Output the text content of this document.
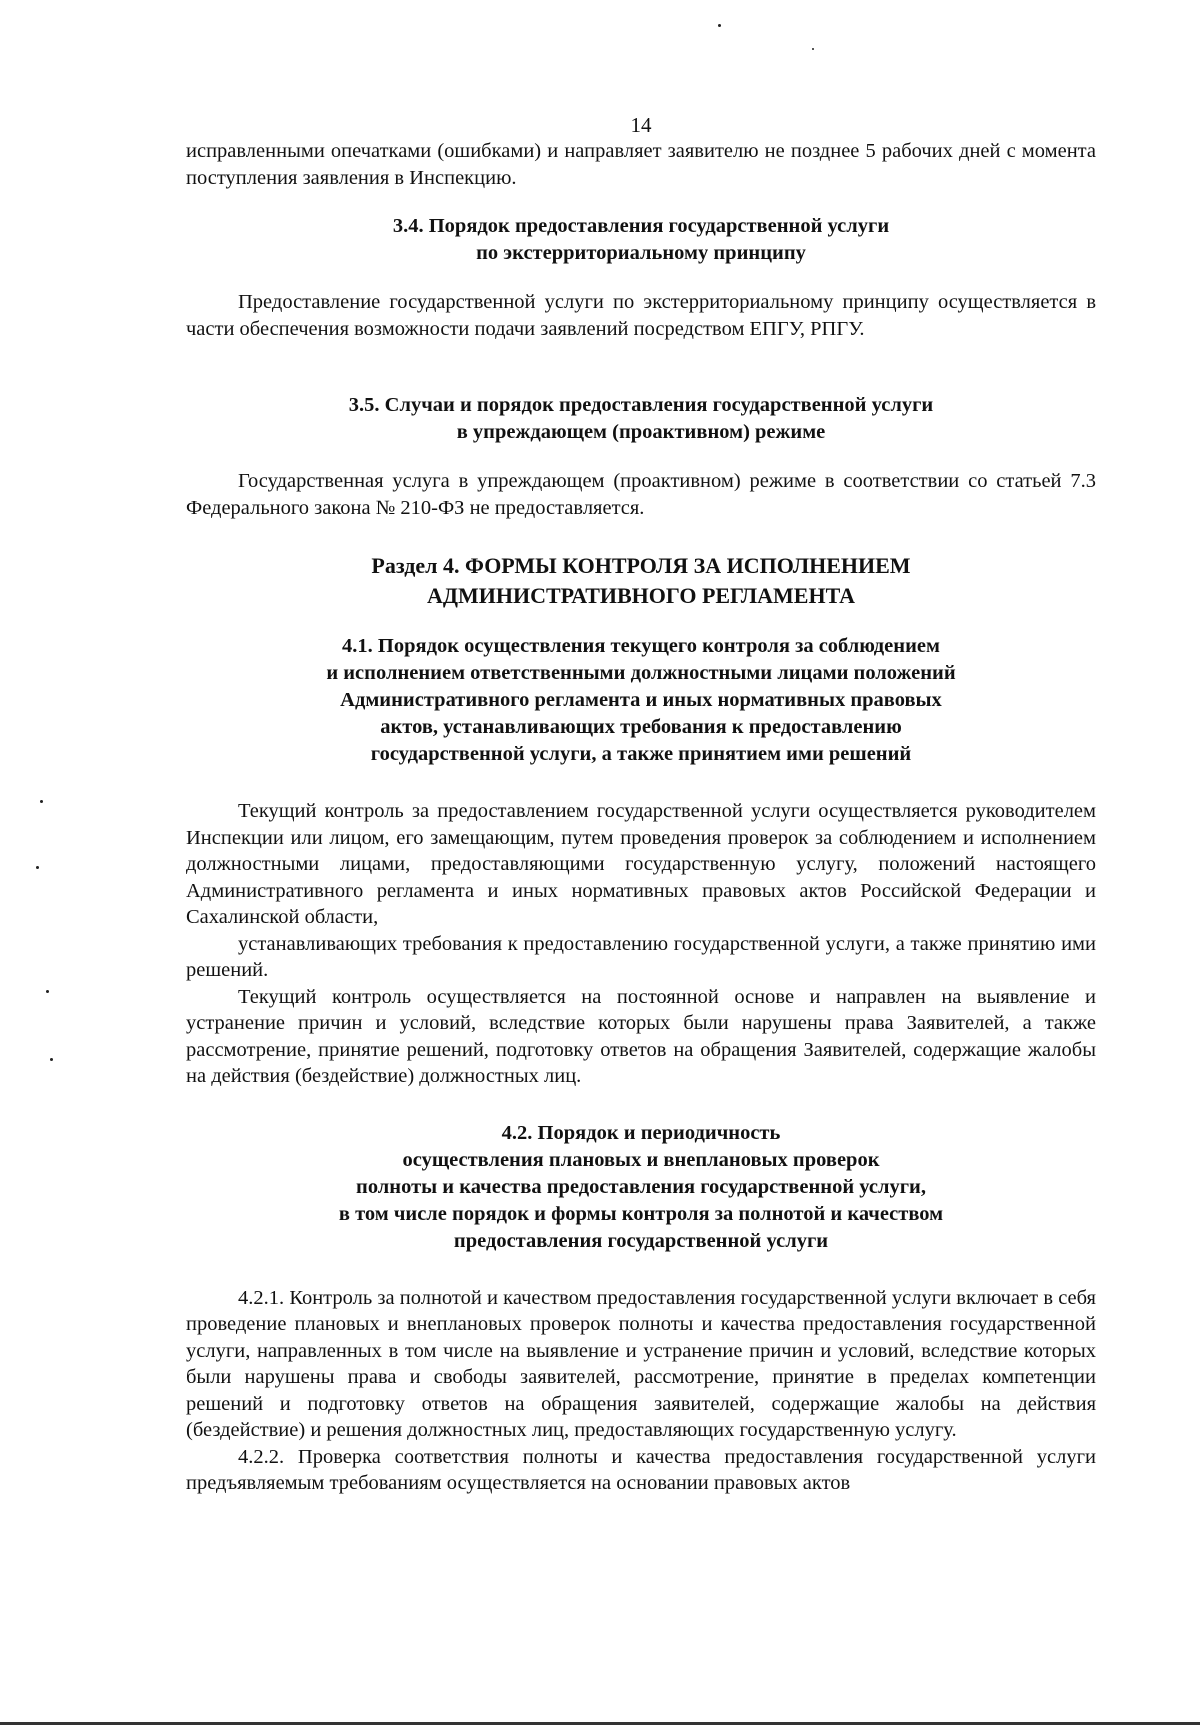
14

исправленными опечатками (ошибками) и направляет заявителю не позднее 5 рабочих дней с момента поступления заявления в Инспекцию.

3.4. Порядок предоставления государственной услуги
по экстерриториальному принципу

Предоставление государственной услуги по экстерриториальному принципу осуществляется в части обеспечения возможности подачи заявлений посредством ЕПГУ, РПГУ.

3.5. Случаи и порядок предоставления государственной услуги
в упреждающем (проактивном) режиме

Государственная услуга в упреждающем (проактивном) режиме в соответствии со статьей 7.3 Федерального закона № 210-ФЗ не предоставляется.

Раздел 4. ФОРМЫ КОНТРОЛЯ ЗА ИСПОЛНЕНИЕМ
АДМИНИСТРАТИВНОГО РЕГЛАМЕНТА
4.1. Порядок осуществления текущего контроля за соблюдением
и исполнением ответственными должностными лицами положений
Административного регламента и иных нормативных правовых
актов, устанавливающих требования к предоставлению
государственной услуги, а также принятием ими решений

Текущий контроль за предоставлением государственной услуги осуществляется руководителем Инспекции или лицом, его замещающим, путем проведения проверок за соблюдением и исполнением должностными лицами, предоставляющими государственную услугу, положений настоящего Административного регламента и иных нормативных правовых актов Российской Федерации и Сахалинской области,

устанавливающих требования к предоставлению государственной услуги, а также принятию ими решений.

Текущий контроль осуществляется на постоянной основе и направлен на выявление и устранение причин и условий, вследствие которых были нарушены права Заявителей, а также рассмотрение, принятие решений, подготовку ответов на обращения Заявителей, содержащие жалобы на действия (бездействие) должностных лиц.

4.2. Порядок и периодичность
осуществления плановых и внеплановых проверок
полноты и качества предоставления государственной услуги,
в том числе порядок и формы контроля за полнотой и качеством
предоставления государственной услуги

4.2.1. Контроль за полнотой и качеством предоставления государственной услуги включает в себя проведение плановых и внеплановых проверок полноты и качества предоставления государственной услуги, направленных в том числе на выявление и устранение причин и условий, вследствие которых были нарушены права и свободы заявителей, рассмотрение, принятие в пределах компетенции решений и подготовку ответов на обращения заявителей, содержащие жалобы на действия (бездействие) и решения должностных лиц, предоставляющих государственную услугу.

4.2.2. Проверка соответствия полноты и качества предоставления государственной услуги предъявляемым требованиям осуществляется на основании правовых актов
